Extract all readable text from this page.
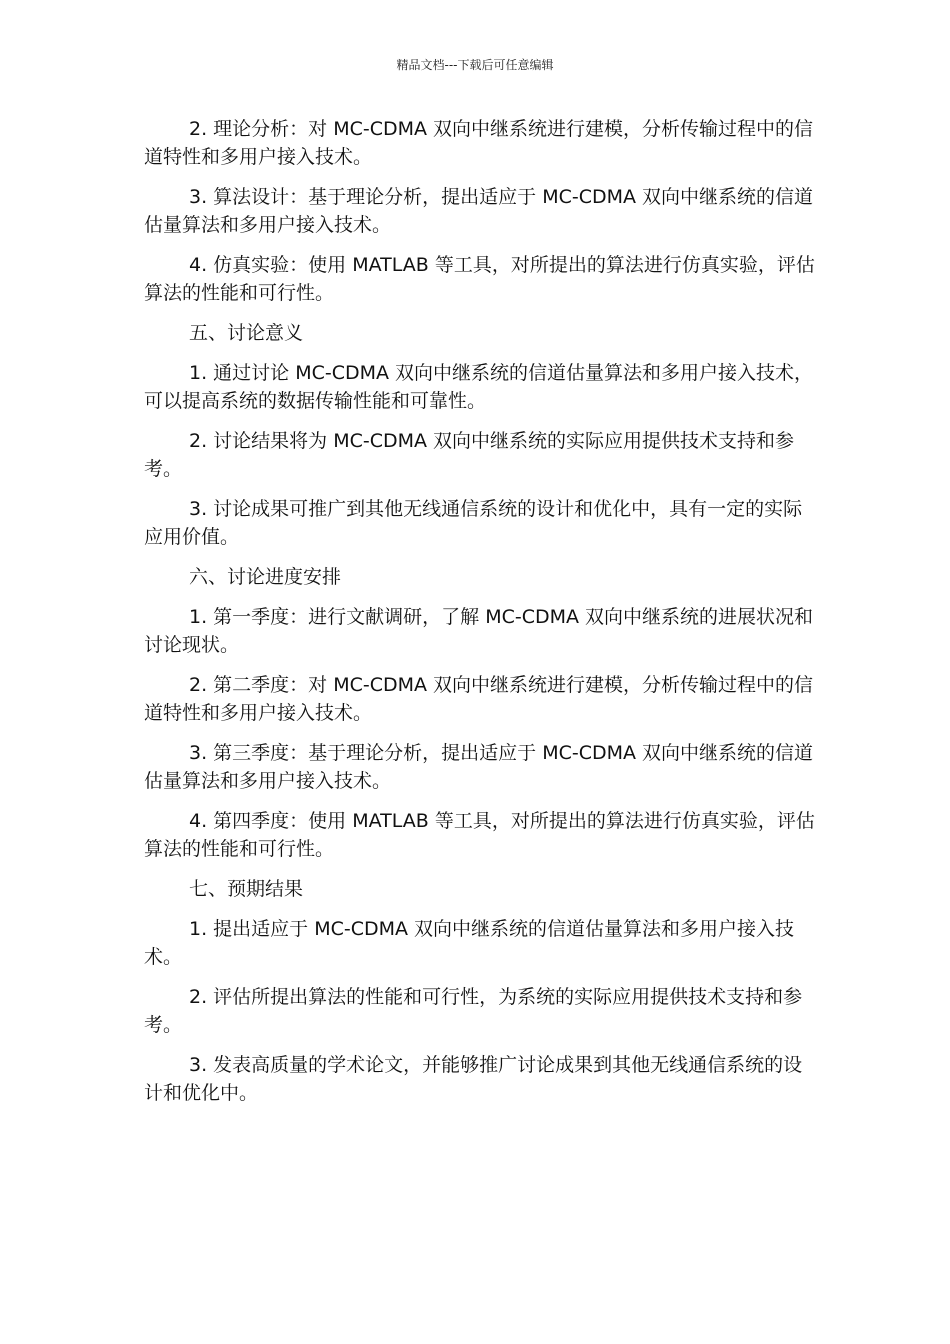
精品文档---下载后可任意编辑

2. 理论分析：对 MC-CDMA 双向中继系统进行建模，分析传输过程中的信道特性和多用户接入技术。

3. 算法设计：基于理论分析，提出适应于 MC-CDMA 双向中继系统的信道估量算法和多用户接入技术。

4. 仿真实验：使用 MATLAB 等工具，对所提出的算法进行仿真实验，评估算法的性能和可行性。

五、讨论意义

1. 通过讨论 MC-CDMA 双向中继系统的信道估量算法和多用户接入技术，可以提高系统的数据传输性能和可靠性。

2. 讨论结果将为 MC-CDMA 双向中继系统的实际应用提供技术支持和参考。

3. 讨论成果可推广到其他无线通信系统的设计和优化中，具有一定的实际应用价值。

六、讨论进度安排

1. 第一季度：进行文献调研，了解 MC-CDMA 双向中继系统的进展状况和讨论现状。

2. 第二季度：对 MC-CDMA 双向中继系统进行建模，分析传输过程中的信道特性和多用户接入技术。

3. 第三季度：基于理论分析，提出适应于 MC-CDMA 双向中继系统的信道估量算法和多用户接入技术。

4. 第四季度：使用 MATLAB 等工具，对所提出的算法进行仿真实验，评估算法的性能和可行性。

七、预期结果

1. 提出适应于 MC-CDMA 双向中继系统的信道估量算法和多用户接入技术。

2. 评估所提出算法的性能和可行性，为系统的实际应用提供技术支持和参考。

3. 发表高质量的学术论文，并能够推广讨论成果到其他无线通信系统的设计和优化中。
